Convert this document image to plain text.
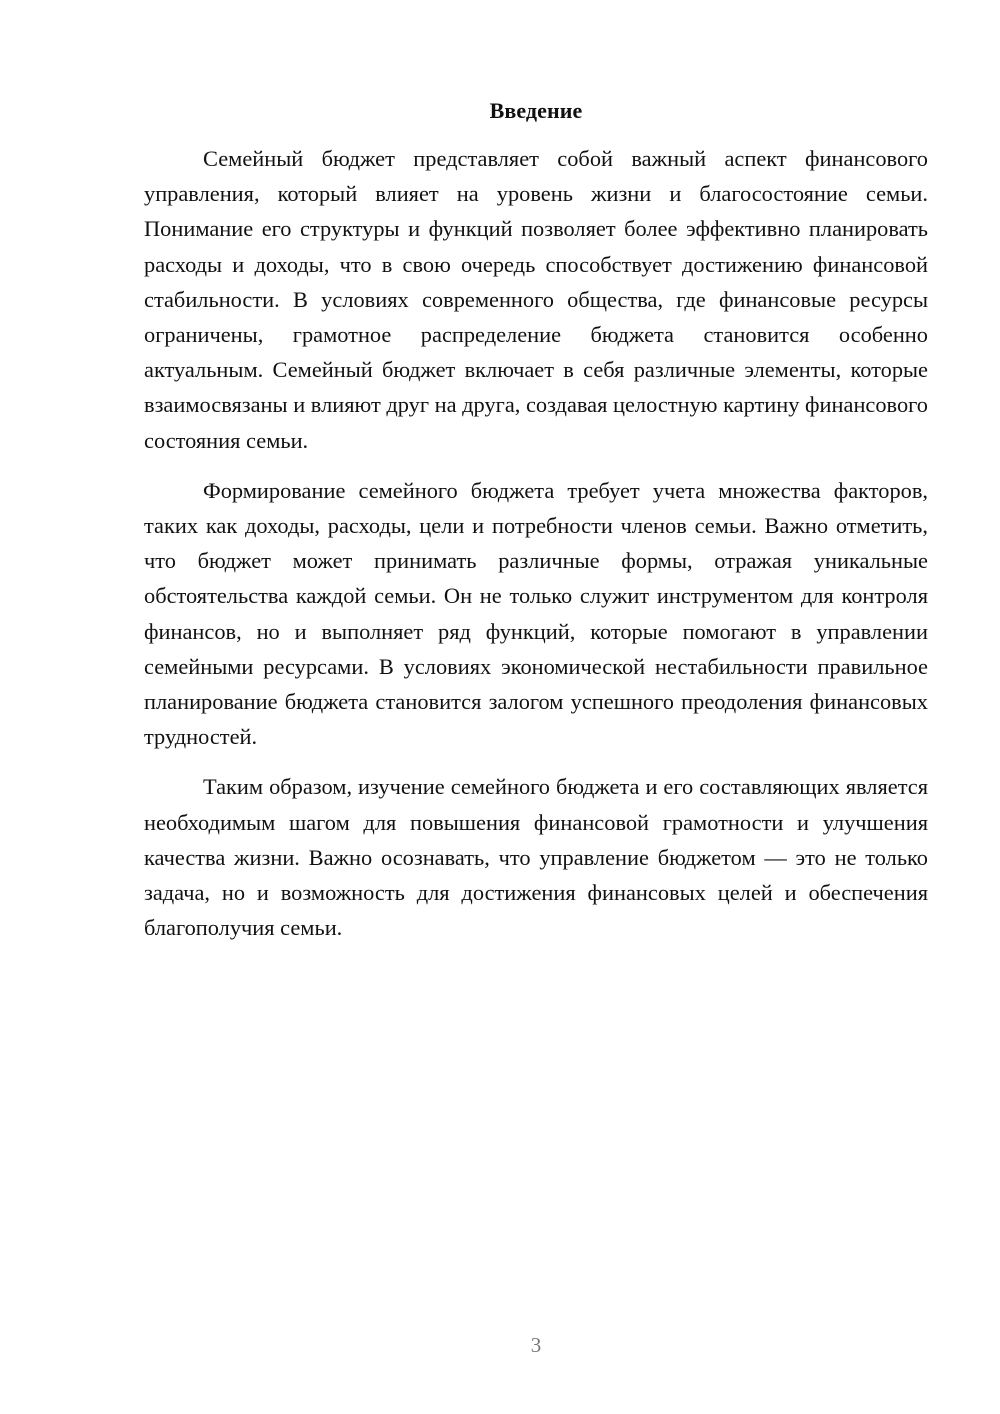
Введение

Семейный бюджет представляет собой важный аспект финансового управления, который влияет на уровень жизни и благосостояние семьи. Понимание его структуры и функций позволяет более эффективно планировать расходы и доходы, что в свою очередь способствует достижению финансовой стабильности. В условиях современного общества, где финансовые ресурсы ограничены, грамотное распределение бюджета становится особенно актуальным. Семейный бюджет включает в себя различные элементы, которые взаимосвязаны и влияют друг на друга, создавая целостную картину финансового состояния семьи.

Формирование семейного бюджета требует учета множества факторов, таких как доходы, расходы, цели и потребности членов семьи. Важно отметить, что бюджет может принимать различные формы, отражая уникальные обстоятельства каждой семьи. Он не только служит инструментом для контроля финансов, но и выполняет ряд функций, которые помогают в управлении семейными ресурсами. В условиях экономической нестабильности правильное планирование бюджета становится залогом успешного преодоления финансовых трудностей.

Таким образом, изучение семейного бюджета и его составляющих является необходимым шагом для повышения финансовой грамотности и улучшения качества жизни. Важно осознавать, что управление бюджетом — это не только задача, но и возможность для достижения финансовых целей и обеспечения благополучия семьи.

3
